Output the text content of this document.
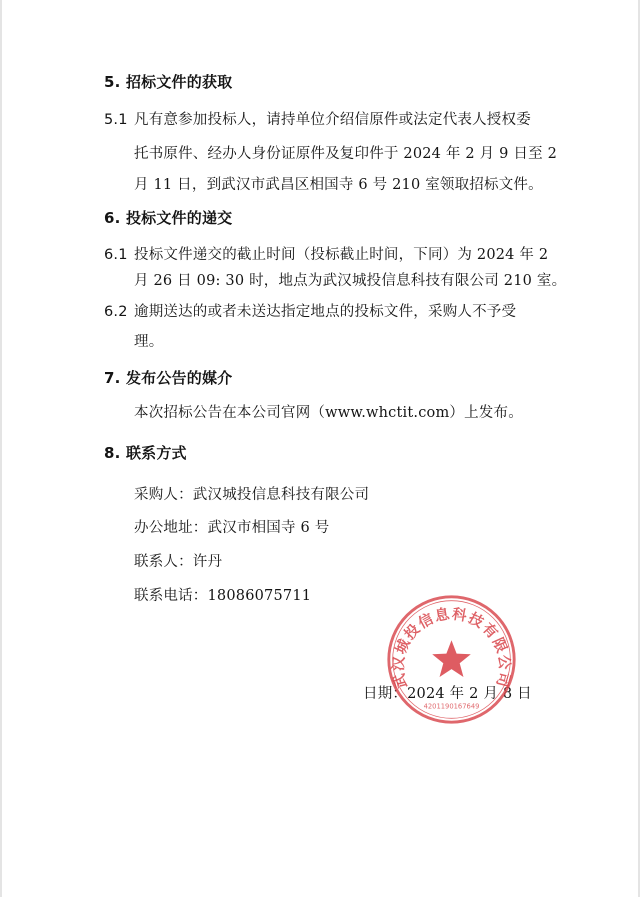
5. 招标文件的获取
5.1 凡有意参加投标人，请持单位介绍信原件或法定代表人授权委
托书原件、经办人身份证原件及复印件于 2024 年 2 月 9 日至 2
月 11 日，到武汉市武昌区相国寺 6 号 210 室领取招标文件。
6. 投标文件的递交
6.1 投标文件递交的截止时间（投标截止时间，下同）为 2024 年 2
月 26 日 09: 30 时，地点为武汉城投信息科技有限公司 210 室。
6.2 逾期送达的或者未送达指定地点的投标文件，采购人不予受
理。
7. 发布公告的媒介
本次招标公告在本公司官网（www.whctit.com）上发布。
8. 联系方式
采购人：武汉城投信息科技有限公司
办公地址：武汉市相国寺 6 号
联系人：许丹
联系电话：18086075711
日期：2024 年 2 月 8 日
武汉城投信息科技有限公司
4201190167649
